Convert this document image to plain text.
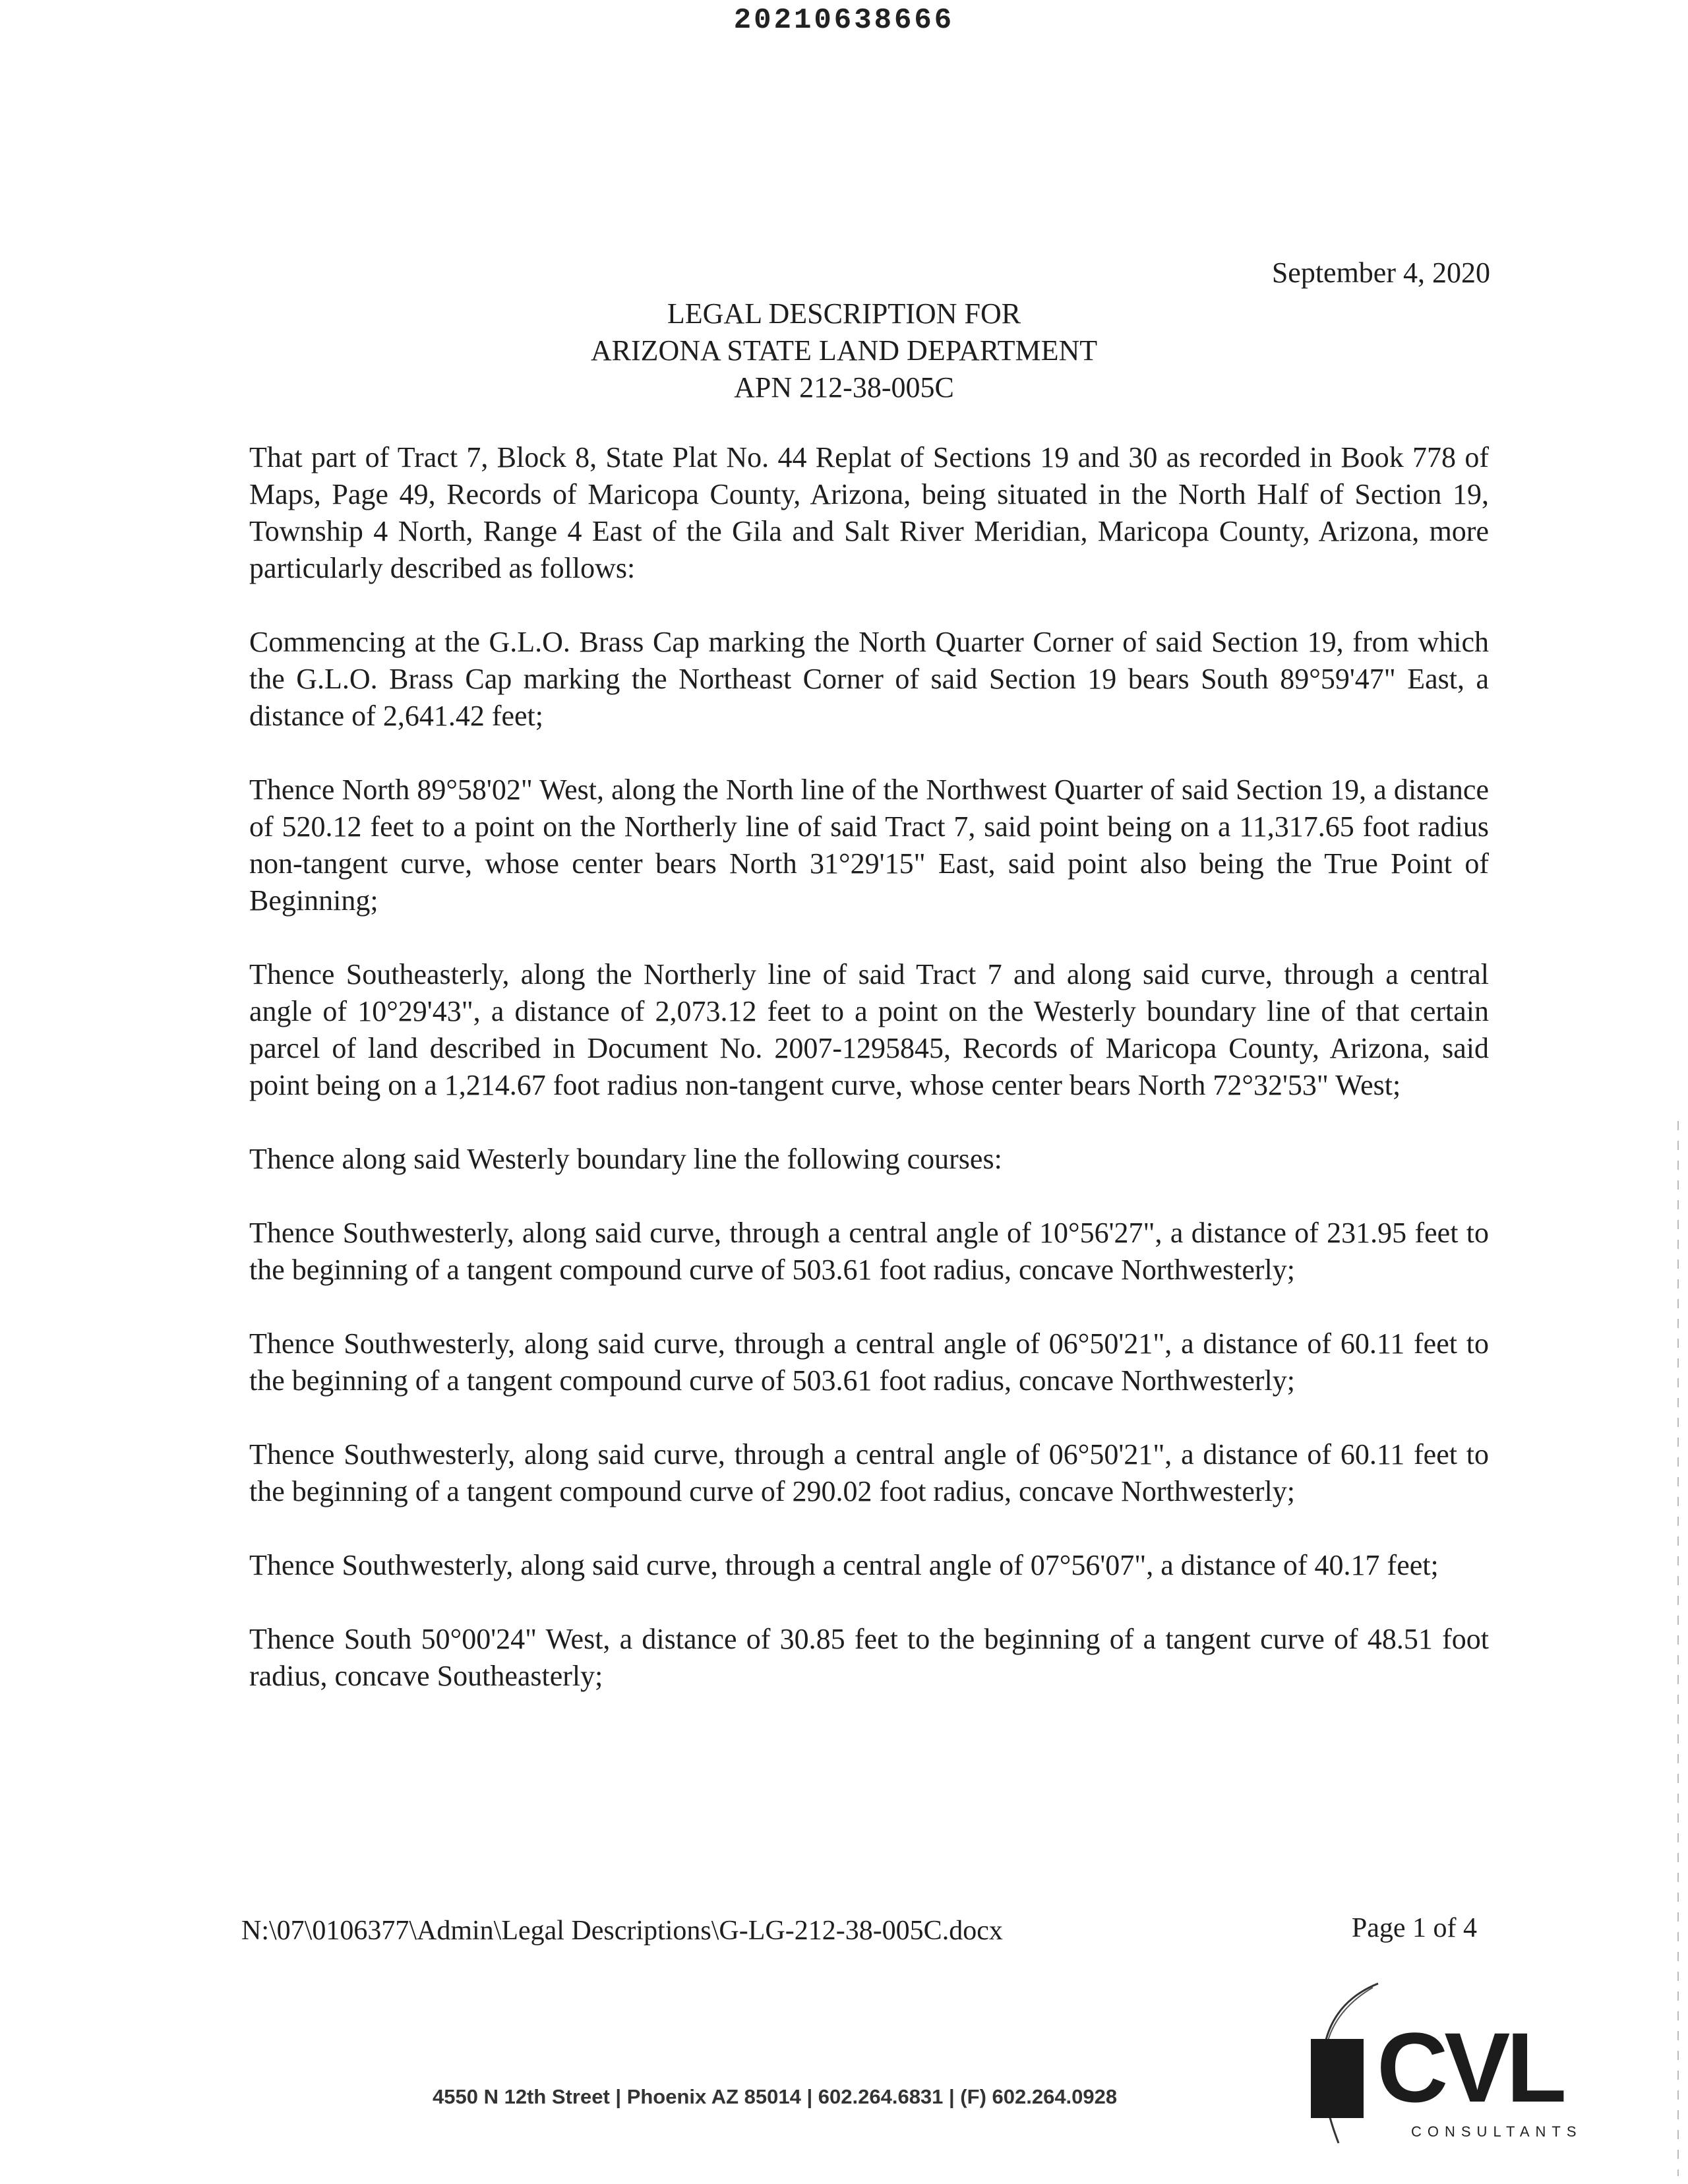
20210638666
September 4, 2020
LEGAL DESCRIPTION FOR
ARIZONA STATE LAND DEPARTMENT
APN 212-38-005C

That part of Tract 7, Block 8, State Plat No. 44 Replat of Sections 19 and 30 as recorded in Book 778 of Maps, Page 49, Records of Maricopa County, Arizona, being situated in the North Half of Section 19, Township 4 North, Range 4 East of the Gila and Salt River Meridian, Maricopa County, Arizona, more particularly described as follows:

Commencing at the G.L.O. Brass Cap marking the North Quarter Corner of said Section 19, from which the G.L.O. Brass Cap marking the Northeast Corner of said Section 19 bears South 89°59'47" East, a distance of 2,641.42 feet;

Thence North 89°58'02" West, along the North line of the Northwest Quarter of said Section 19, a distance of 520.12 feet to a point on the Northerly line of said Tract 7, said point being on a 11,317.65 foot radius non-tangent curve, whose center bears North 31°29'15" East, said point also being the True Point of Beginning;

Thence Southeasterly, along the Northerly line of said Tract 7 and along said curve, through a central angle of 10°29'43", a distance of 2,073.12 feet to a point on the Westerly boundary line of that certain parcel of land described in Document No. 2007-1295845, Records of Maricopa County, Arizona, said point being on a 1,214.67 foot radius non-tangent curve, whose center bears North 72°32'53" West;

Thence along said Westerly boundary line the following courses:

Thence Southwesterly, along said curve, through a central angle of 10°56'27", a distance of 231.95 feet to the beginning of a tangent compound curve of 503.61 foot radius, concave Northwesterly;

Thence Southwesterly, along said curve, through a central angle of 06°50'21", a distance of 60.11 feet to the beginning of a tangent compound curve of 503.61 foot radius, concave Northwesterly;

Thence Southwesterly, along said curve, through a central angle of 06°50'21", a distance of 60.11 feet to the beginning of a tangent compound curve of 290.02 foot radius, concave Northwesterly;

Thence Southwesterly, along said curve, through a central angle of 07°56'07", a distance of 40.17 feet;

Thence South 50°00'24" West, a distance of 30.85 feet to the beginning of a tangent curve of 48.51 foot radius, concave Southeasterly;

N:\07\0106377\Admin\Legal Descriptions\G-LG-212-38-005C.docx	Page 1 of 4
CVL
CONSULTANTS
4550 N 12th Street | Phoenix AZ 85014 | 602.264.6831 | (F) 602.264.0928
